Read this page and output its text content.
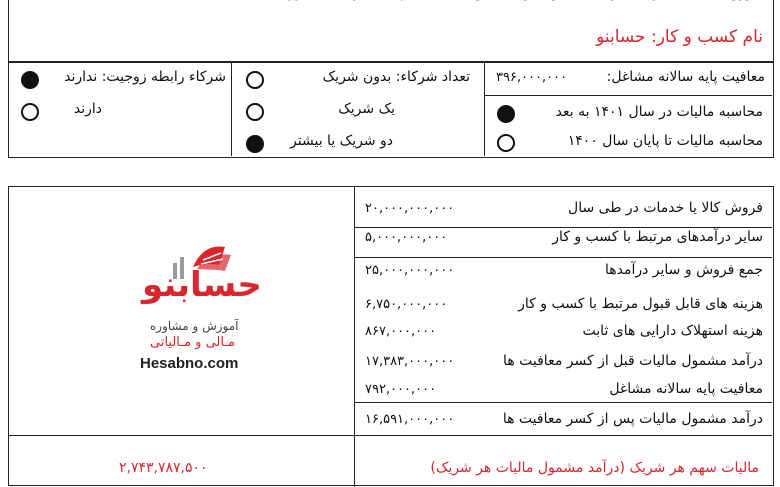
نام کسب و کار: حسابنو
شرکاء رابطه زوجیت: ندارند
دارند
تعداد شرکاء: بدون شریک
یک شریک
دو شریک یا بیشتر
معافیت پایه سالانه مشاغل:
۳۹۶,۰۰۰,۰۰۰
محاسبه مالیات در سال ۱۴۰۱ به بعد
محاسبه مالیات تا پایان سال ۱۴۰۰
حسابنو
آموزش و مشاوره
مـالی و مـالیاتی
Hesabno.com
فروش کالا یا خدمات در طی سال
۲۰,۰۰۰,۰۰۰,۰۰۰
سایر درآمدهای مرتبط با کسب و کار
۵,۰۰۰,۰۰۰,۰۰۰
جمع فروش و سایر درآمدها
۲۵,۰۰۰,۰۰۰,۰۰۰
هزینه های قابل قبول مرتبط با کسب و کار
۶,۷۵۰,۰۰۰,۰۰۰
هزینه استهلاک دارایی های ثابت
۸۶۷,۰۰۰,۰۰۰
درآمد مشمول مالیات قبل از کسر معافیت ها
۱۷,۳۸۳,۰۰۰,۰۰۰
معافیت پایه سالانه مشاغل
۷۹۲,۰۰۰,۰۰۰
درآمد مشمول مالیات پس از کسر معافیت ها
۱۶,۵۹۱,۰۰۰,۰۰۰
مالیات سهم هر شریک (درآمد مشمول مالیات هر شریک)
۲,۷۴۳,۷۸۷,۵۰۰
